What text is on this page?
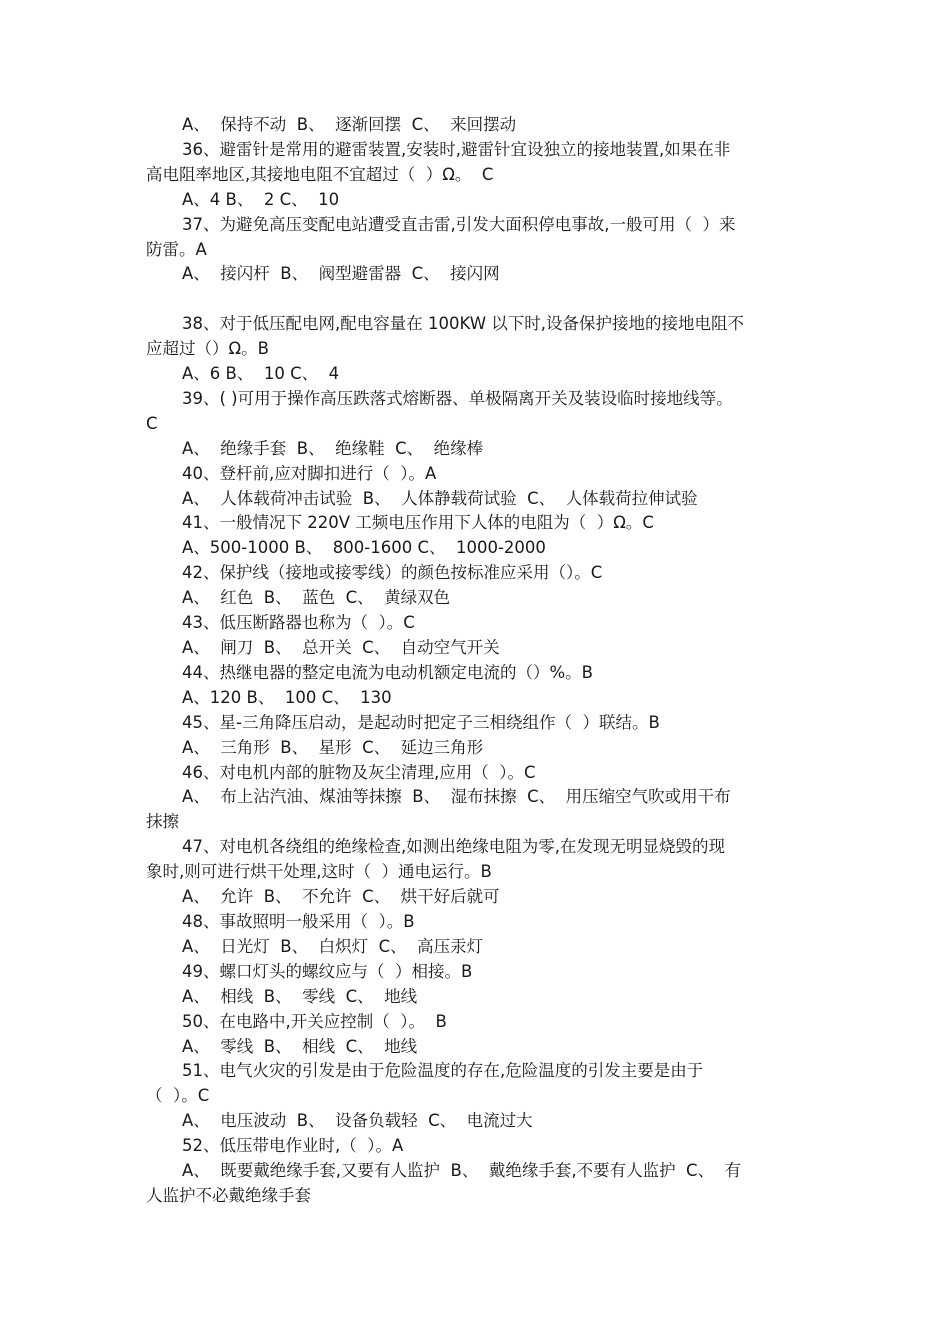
A、  保持不动  B、  逐渐回摆  C、  来回摆动
36、避雷针是常用的避雷装置,安装时,避雷针宜设独立的接地装置,如果在非
高电阻率地区,其接地电阻不宜超过（  ）Ω。  C
A、4 B、  2 C、  10
37、为避免高压变配电站遭受直击雷,引发大面积停电事故,一般可用（  ）来
防雷。A
A、  接闪杆  B、  阀型避雷器  C、  接闪网
38、对于低压配电网,配电容量在 100KW 以下时,设备保护接地的接地电阻不
应超过（）Ω。B
A、6 B、  10 C、  4
39、( )可用于操作高压跌落式熔断器、单极隔离开关及装设临时接地线等。
C
A、  绝缘手套  B、  绝缘鞋  C、  绝缘棒
40、登杆前,应对脚扣进行（  ）。A
A、  人体载荷冲击试验  B、  人体静载荷试验  C、  人体载荷拉伸试验
41、一般情况下 220V 工频电压作用下人体的电阻为（  ）Ω。C
A、500-1000 B、  800-1600 C、  1000-2000
42、保护线（接地或接零线）的颜色按标准应采用（）。C
A、  红色  B、  蓝色  C、  黄绿双色
43、低压断路器也称为（  ）。C
A、  闸刀  B、  总开关  C、  自动空气开关
44、热继电器的整定电流为电动机额定电流的（）%。B
A、120 B、  100 C、  130
45、星-三角降压启动，是起动时把定子三相绕组作（  ）联结。B
A、  三角形  B、  星形  C、  延边三角形
46、对电机内部的脏物及灰尘清理,应用（  ）。C
A、  布上沾汽油、煤油等抹擦  B、  湿布抹擦  C、  用压缩空气吹或用干布
抹擦
47、对电机各绕组的绝缘检查,如测出绝缘电阻为零,在发现无明显烧毁的现
象时,则可进行烘干处理,这时（  ）通电运行。B
A、  允许  B、  不允许  C、  烘干好后就可
48、事故照明一般采用（  ）。B
A、  日光灯  B、  白炽灯  C、  高压汞灯
49、螺口灯头的螺纹应与（  ）相接。B
A、  相线  B、  零线  C、  地线
50、在电路中,开关应控制（  ）。  B
A、  零线  B、  相线  C、  地线
51、电气火灾的引发是由于危险温度的存在,危险温度的引发主要是由于
（  ）。C
A、  电压波动  B、  设备负载轻  C、  电流过大
52、低压带电作业时,（  ）。A
A、  既要戴绝缘手套,又要有人监护  B、  戴绝缘手套,不要有人监护  C、  有
人监护不必戴绝缘手套
